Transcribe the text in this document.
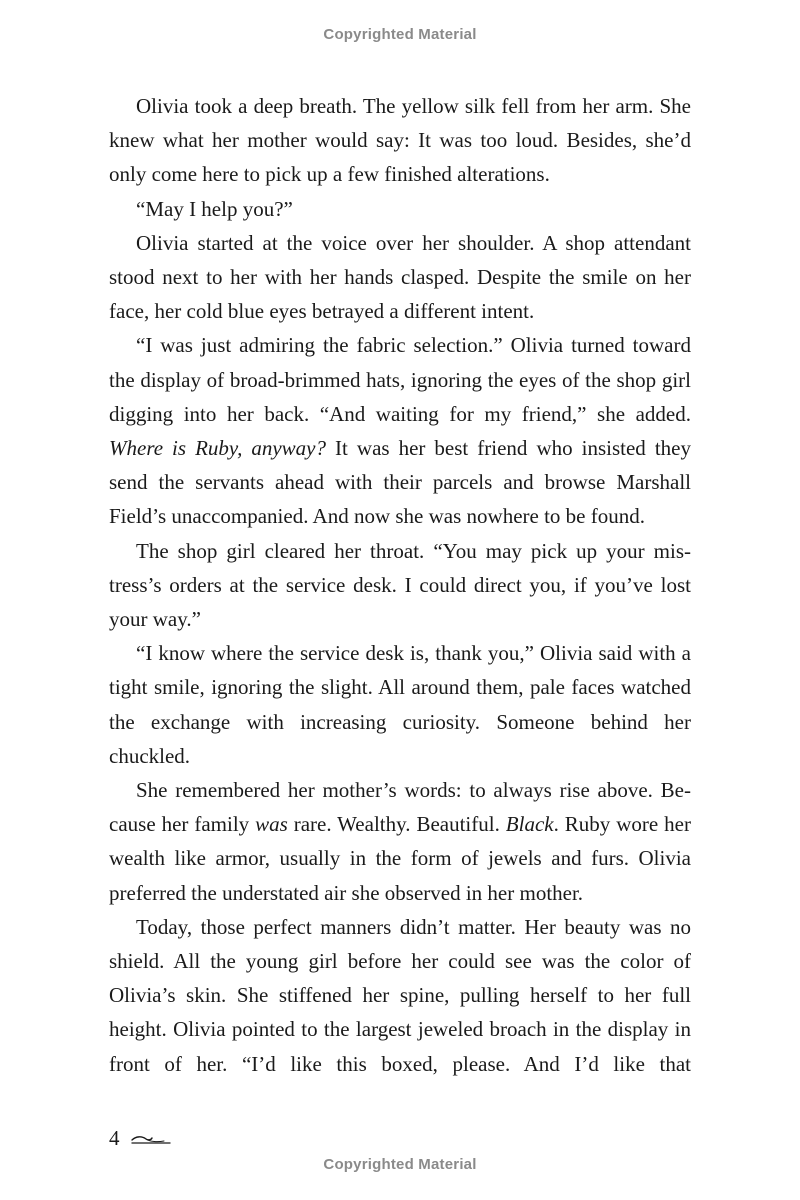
Copyrighted Material

Olivia took a deep breath. The yellow silk fell from her arm. She knew what her mother would say: It was too loud. Besides, she’d only come here to pick up a few finished alterations.

“May I help you?”

Olivia started at the voice over her shoulder. A shop attendant stood next to her with her hands clasped. Despite the smile on her face, her cold blue eyes betrayed a different intent.

“I was just admiring the fabric selection.” Olivia turned toward the display of broad-brimmed hats, ignoring the eyes of the shop girl digging into her back. “And waiting for my friend,” she added. Where is Ruby, anyway? It was her best friend who insisted they send the servants ahead with their parcels and browse Marshall Field’s unaccompanied. And now she was nowhere to be found.

The shop girl cleared her throat. “You may pick up your mistress’s orders at the service desk. I could direct you, if you’ve lost your way.”

“I know where the service desk is, thank you,” Olivia said with a tight smile, ignoring the slight. All around them, pale faces watched the exchange with increasing curiosity. Someone behind her chuckled.

She remembered her mother’s words: to always rise above. Because her family was rare. Wealthy. Beautiful. Black. Ruby wore her wealth like armor, usually in the form of jewels and furs. Olivia preferred the understated air she observed in her mother.

Today, those perfect manners didn’t matter. Her beauty was no shield. All the young girl before her could see was the color of Olivia’s skin. She stiffened her spine, pulling herself to her full height. Olivia pointed to the largest jeweled broach in the display in front of her. “I’d like this boxed, please. And I’d like that

4
Copyrighted Material
